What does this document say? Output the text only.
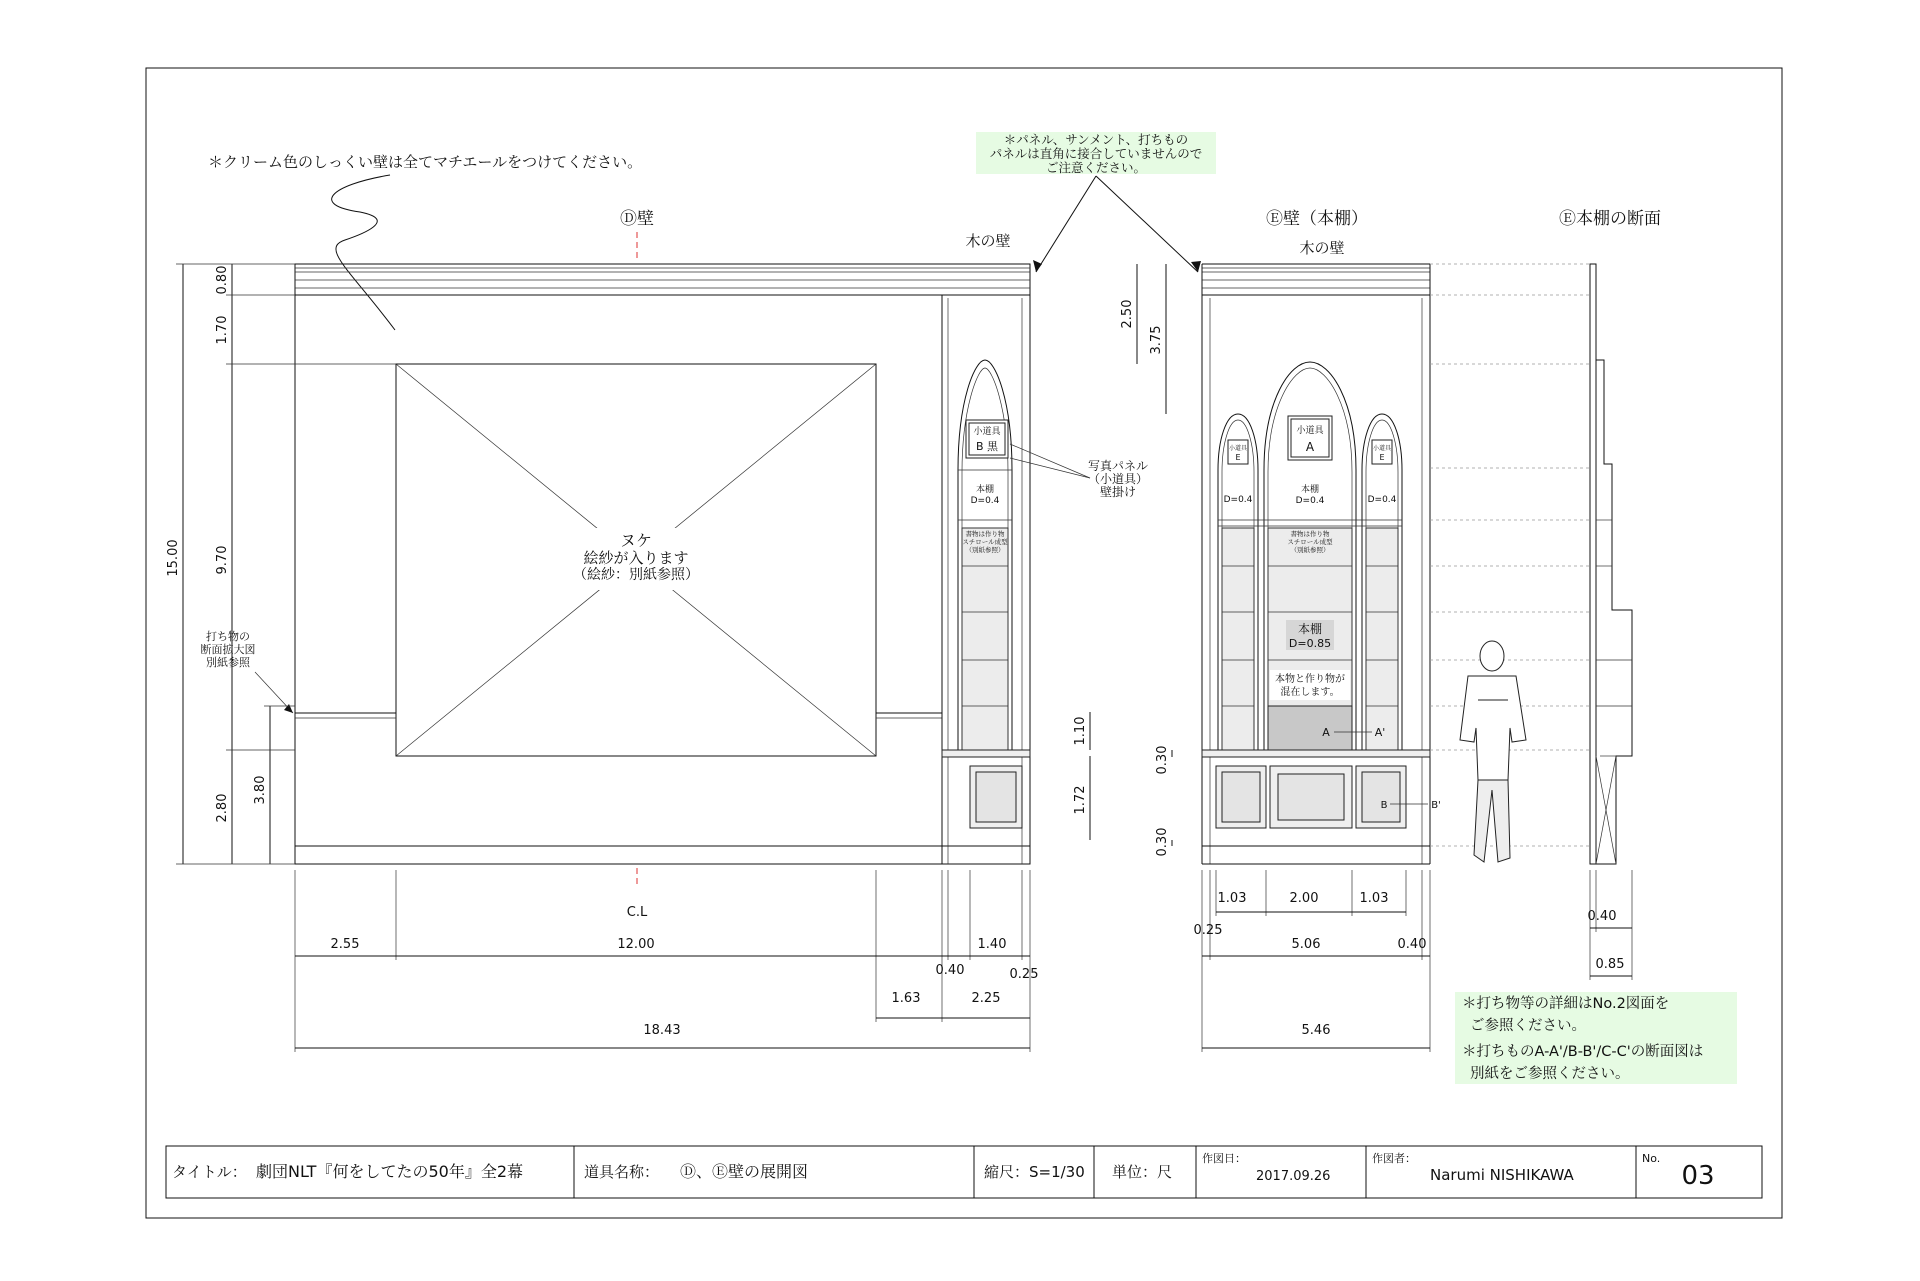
＊クリーム色のしっくい壁は全てマチエールをつけてください。
＊パネル、サンメント、打ちもの
パネルは直角に接合していませんので
ご注意ください。
＊打ち物等の詳細はNo.2図面を
ご参照ください。
＊打ちものA-A'/B-B'/C-C'の断面図は
別紙をご参照ください。
Ⓓ壁	Ⓔ壁（本棚）	Ⓔ本棚の断面
木の壁	木の壁
ヌケ
絵紗が入ります
（絵紗：別紙参照）
小道具
B 黒
本棚
D=0.4
書物は作り物
スチロール成型
（別紙参照）
写真パネル
（小道具）
壁掛け
打ち物の
断面拡大図
別紙参照
小道具
E
小道具
A	小道具
E
D=0.4
本棚
D=0.4	D=0.4
書物は作り物
スチロール成型
（別紙参照）
本棚
D=0.85
本物と作り物が
混在します。
A	A'
B	B'
15.00
0.80
1.70
9.70
2.80
3.80
2.50
3.75
1.10
1.72
0.30
0.30
C.L
2.55	12.00	1.40
0.40	0.25
1.63	2.25
18.43
1.03	2.00	1.03
0.25
5.06	0.40
5.46
0.40
0.85
タイトル： 劇団NLT『何をしてたの50年』全2幕	道具名称： Ⓓ、Ⓔ壁の展開図	縮尺：S=1/30 単位：尺
作図日：
2017.09.26
作図者：
Narumi NISHIKAWA
No.
03
